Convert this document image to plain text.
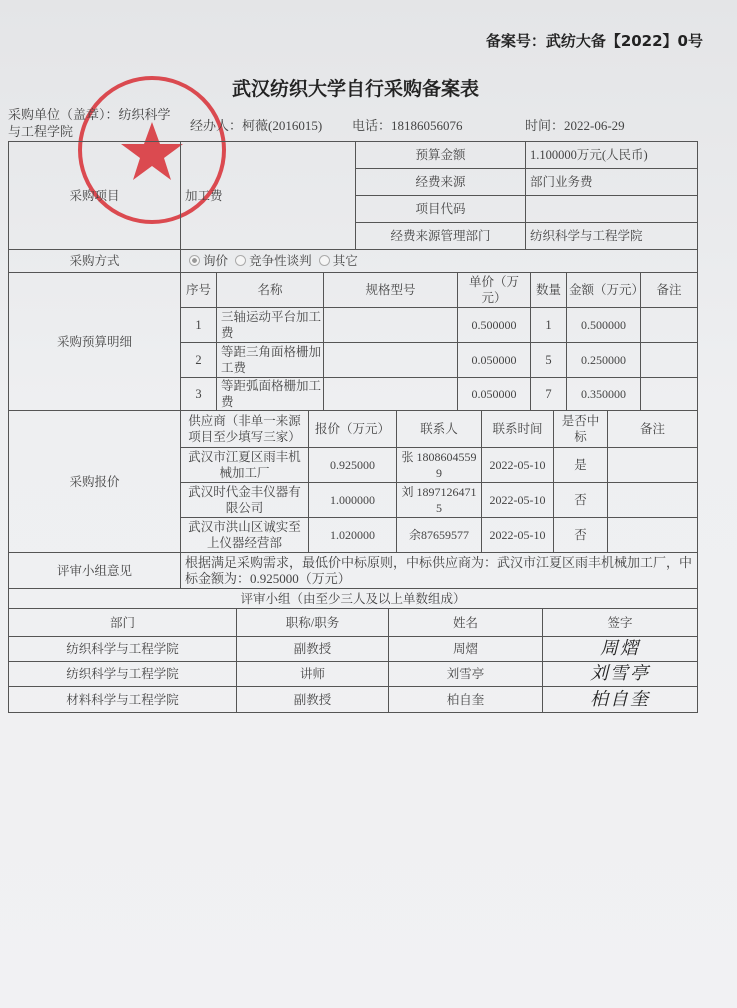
备案号：武纺大备【2022】0号
武汉纺织大学自行采购备案表
采购单位（盖章）：纺织科学
与工程学院	经办人：柯薇(2016015) 电话：18186056076	时间：2022-06-29
采购项目	加工费	预算金额	1.100000万元(人民币)
		经费来源	部门业务费
		项目代码	
		经费来源管理部门	纺织科学与工程学院
采购方式	询价 竞争性谈判 其它
采购预算明细	序号	名称	规格型号	单价（万元）	数量	金额（万元）	备注
	1	三轴运动平台加工费		0.500000	1	0.500000	
	2	等距三角面格栅加工费		0.050000	5	0.250000	
	3	等距弧面格栅加工费		0.050000	7	0.350000	
采购报价	供应商（非单一来源项目至少填写三家）	报价（万元）	联系人	联系时间	是否中标	备注
	武汉市江夏区雨丰机械加工厂	0.925000	张 18086045599	2022-05-10	是	
	武汉时代金丰仪器有限公司	1.000000	刘 18971264715	2022-05-10	否	
	武汉市洪山区诚实至上仪器经营部	1.020000	余87659577	2022-05-10	否	
评审小组意见	根据满足采购需求，最低价中标原则，中标供应商为：武汉市江夏区雨丰机械加工厂，中标金额为：0.925000（万元）
评审小组（由至少三人及以上单数组成）
部门	职称/职务	姓名	签字
纺织科学与工程学院	副教授	周熠	周熠
纺织科学与工程学院	讲师	刘雪亭	刘雪亭
材料科学与工程学院	副教授	柏自奎	柏自奎
